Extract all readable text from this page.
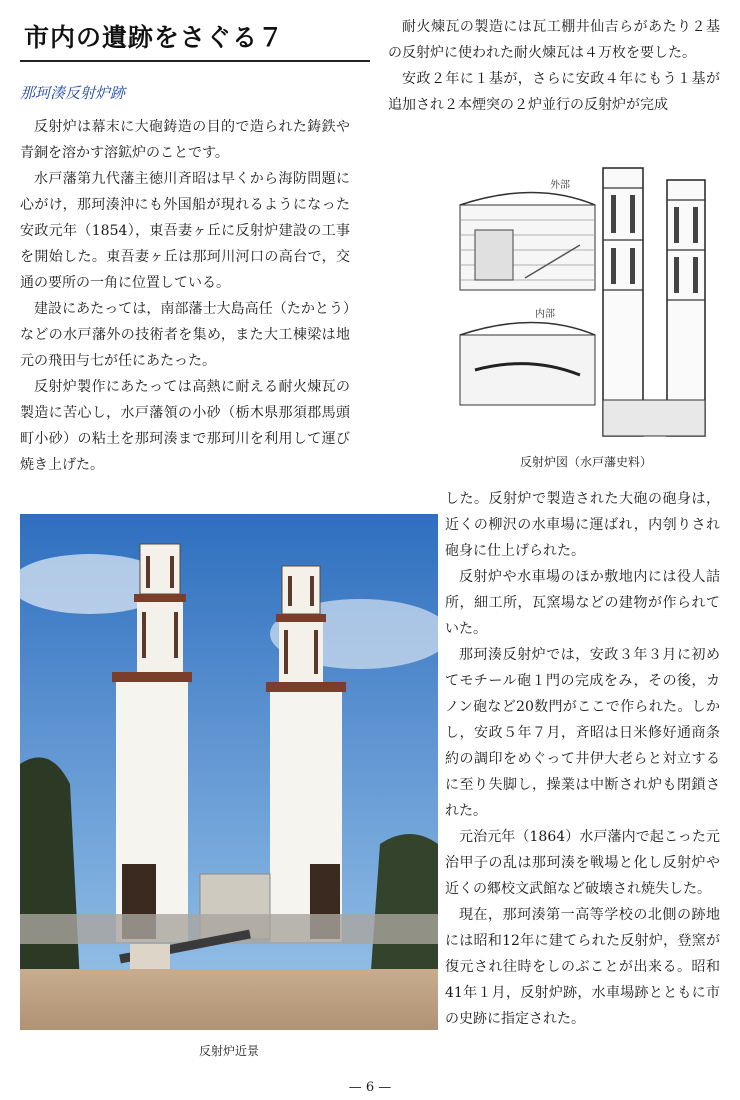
市内の遺跡をさぐる７
那珂湊反射炉跡

反射炉は幕末に大砲鋳造の目的で造られた鋳鉄や青銅を溶かす溶鉱炉のことです。

水戸藩第九代藩主徳川斉昭は早くから海防問題に心がけ，那珂湊沖にも外国船が現れるようになった安政元年（1854），東吾妻ヶ丘に反射炉建設の工事を開始した。東吾妻ヶ丘は那珂川河口の高台で，交通の要所の一角に位置している。

建設にあたっては，南部藩士大島高任（たかとう）などの水戸藩外の技術者を集め，また大工棟梁は地元の飛田与七が任にあたった。

反射炉製作にあたっては高熱に耐える耐火煉瓦の製造に苦心し，水戸藩領の小砂（栃木県那須郡馬頭町小砂）の粘土を那珂湊まで那珂川を利用して運び焼き上げた。

耐火煉瓦の製造には瓦工棚井仙吉らがあたり２基の反射炉に使われた耐火煉瓦は４万枚を要した。

安政２年に１基が，さらに安政４年にもう１基が追加され２本煙突の２炉並行の反射炉が完成

外部
内部
反射炉図（水戸藩史料）

した。反射炉で製造された大砲の砲身は，近くの柳沢の水車場に運ばれ，内刳りされ砲身に仕上げられた。

反射炉や水車場のほか敷地内には役人詰所，細工所，瓦窯場などの建物が作られていた。

那珂湊反射炉では，安政３年３月に初めてモチール砲１門の完成をみ，その後，カノン砲など20数門がここで作られた。しかし，安政５年７月，斉昭は日米修好通商条約の調印をめぐって井伊大老らと対立するに至り失脚し，操業は中断され炉も閉鎖された。

元治元年（1864）水戸藩内で起こった元治甲子の乱は那珂湊を戦場と化し反射炉や近くの郷校文武館など破壊され焼失した。

現在，那珂湊第一高等学校の北側の跡地には昭和12年に建てられた反射炉，登窯が復元され往時をしのぶことが出来る。昭和41年１月，反射炉跡，水車場跡とともに市の史跡に指定された。

反射炉近景
— 6 —
